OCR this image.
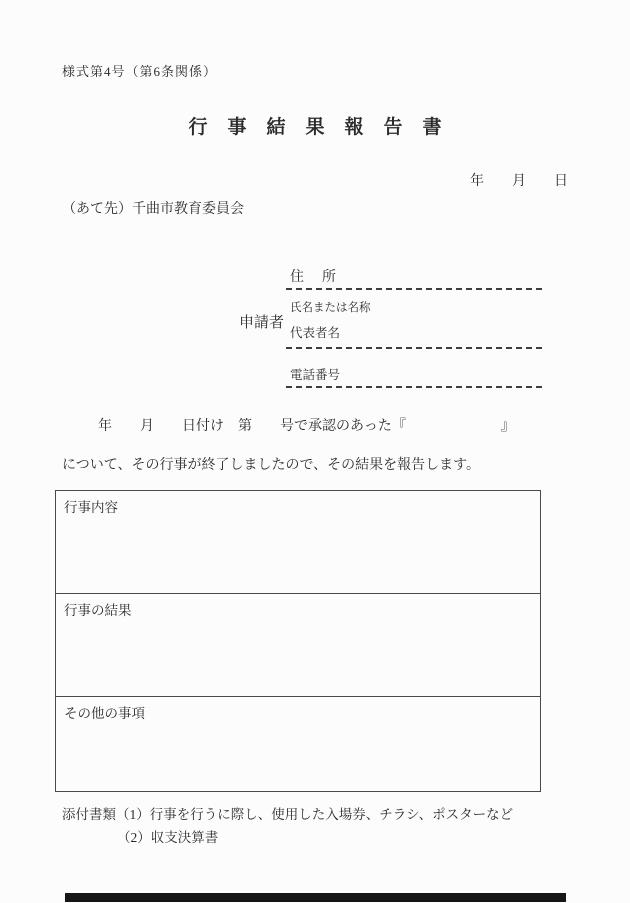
様式第4号（第6条関係）
行事結果報告書
年　　月　　日
（あて先）千曲市教育委員会
申請者
住　所
氏名または名称
代表者名
電話番号
年　　月　　日付け　第　　号で承認のあった『	』
について、その行事が終了しましたので、その結果を報告します。
行事内容
行事の結果
その他の事項
添付書類（1）行事を行うに際し、使用した入場券、チラシ、ポスターなど
（2）収支決算書
